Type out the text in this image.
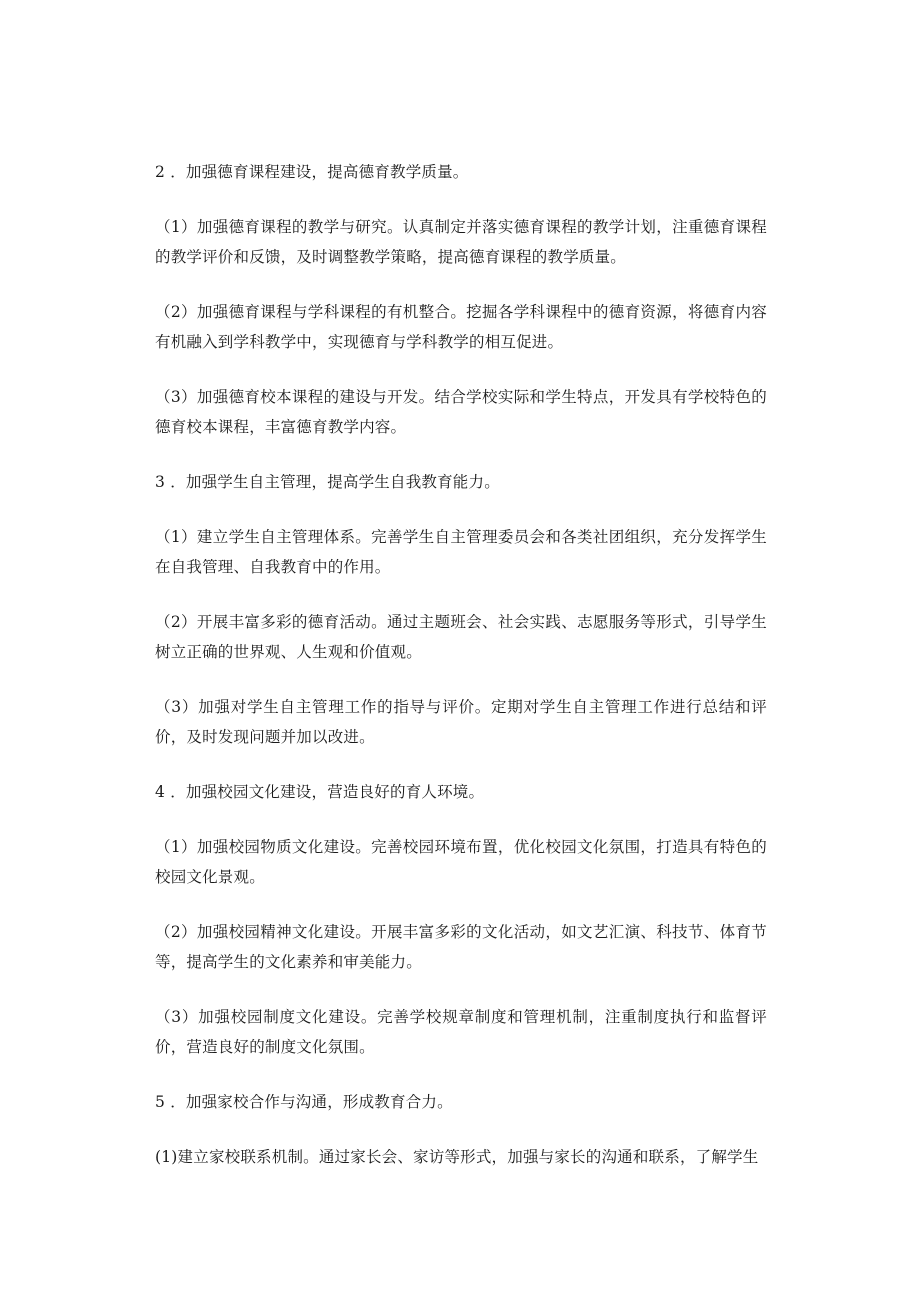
2 ．加强德育课程建设，提高德育教学质量。

（1）加强德育课程的教学与研究。认真制定并落实德育课程的教学计划，注重德育课程的教学评价和反馈，及时调整教学策略，提高德育课程的教学质量。

（2）加强德育课程与学科课程的有机整合。挖掘各学科课程中的德育资源，将德育内容有机融入到学科教学中，实现德育与学科教学的相互促进。

（3）加强德育校本课程的建设与开发。结合学校实际和学生特点，开发具有学校特色的德育校本课程，丰富德育教学内容。

3 ．加强学生自主管理，提高学生自我教育能力。

（1）建立学生自主管理体系。完善学生自主管理委员会和各类社团组织，充分发挥学生在自我管理、自我教育中的作用。

（2）开展丰富多彩的德育活动。通过主题班会、社会实践、志愿服务等形式，引导学生树立正确的世界观、人生观和价值观。

（3）加强对学生自主管理工作的指导与评价。定期对学生自主管理工作进行总结和评价，及时发现问题并加以改进。

4 ．加强校园文化建设，营造良好的育人环境。

（1）加强校园物质文化建设。完善校园环境布置，优化校园文化氛围，打造具有特色的校园文化景观。

（2）加强校园精神文化建设。开展丰富多彩的文化活动，如文艺汇演、科技节、体育节等，提高学生的文化素养和审美能力。

（3）加强校园制度文化建设。完善学校规章制度和管理机制，注重制度执行和监督评价，营造良好的制度文化氛围。

5 ．加强家校合作与沟通，形成教育合力。

(1)建立家校联系机制。通过家长会、家访等形式，加强与家长的沟通和联系，了解学生
